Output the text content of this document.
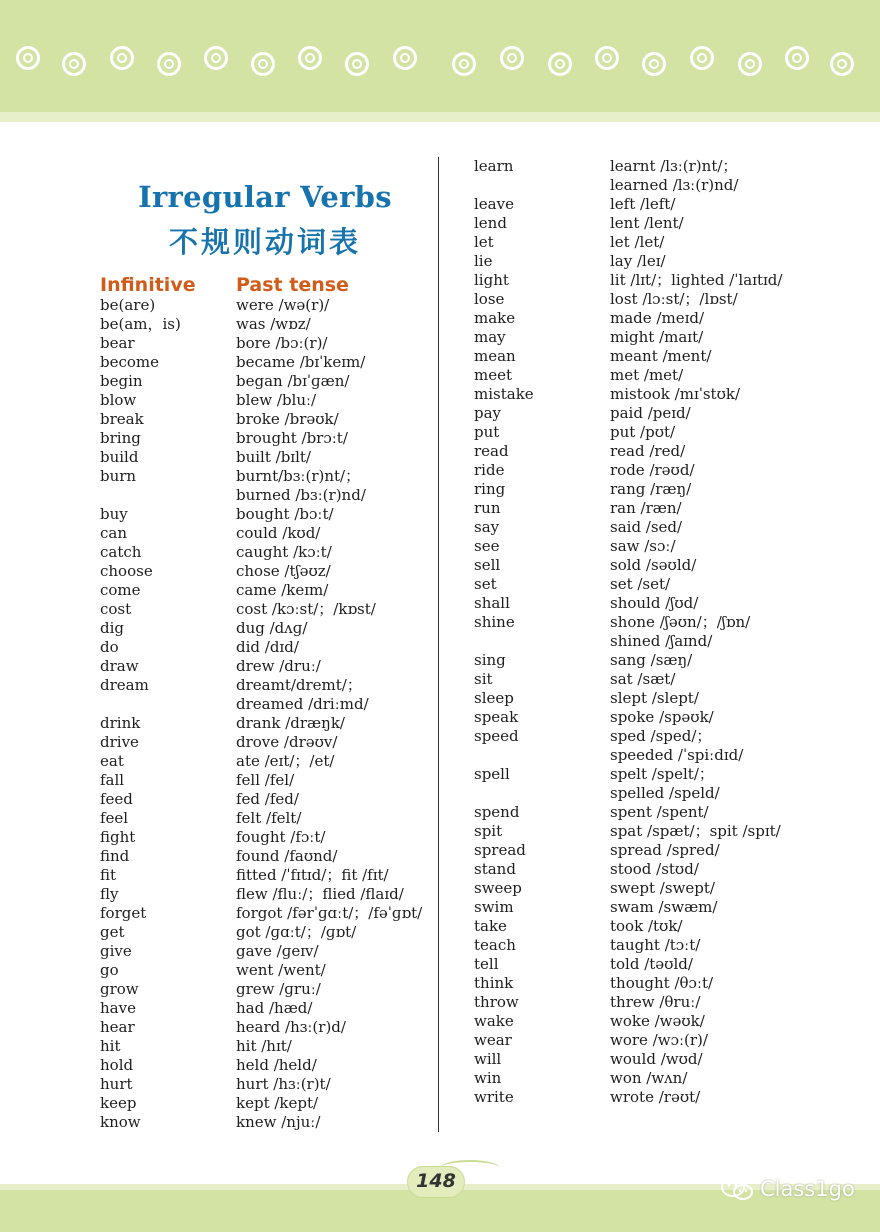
Irregular Verbs
不规则动词表
Infinitive Past tense
be(are)	were /wə(r)/
be(am，is)	was /wɒz/
bear	bore /bɔː(r)/
become	became /bɪˈkeɪm/
begin	began /bɪˈɡæn/
blow	blew /bluː/
break	broke /brəʊk/
bring	brought /brɔːt/
build	built /bɪlt/
burn	burnt/bɜː(r)nt/；
burned /bɜː(r)nd/
buy	bought /bɔːt/
can	could /kʊd/
catch	caught /kɔːt/
choose	chose /tʃəʊz/
come	came /keɪm/
cost	cost /kɔːst/；/kɒst/
dig	dug /dʌɡ/
do	did /dɪd/
draw	drew /druː/
dream	dreamt/dremt/；
dreamed /driːmd/
drink	drank /dræŋk/
drive	drove /drəʊv/
eat	ate /eɪt/；/et/
fall	fell /fel/
feed	fed /fed/
feel	felt /felt/
fight	fought /fɔːt/
find	found /faʊnd/
fit	fitted /ˈfɪtɪd/；fit /fɪt/
fly	flew /fluː/；flied /flaɪd/
forget	forgot /fərˈɡɑːt/；/fəˈɡɒt/
get	got /ɡɑːt/；/ɡɒt/
give	gave /ɡeɪv/
go	went /went/
grow	grew /ɡruː/
have	had /hæd/
hear	heard /hɜː(r)d/
hit	hit /hɪt/
hold	held /held/
hurt	hurt /hɜː(r)t/
keep	kept /kept/
know	knew /njuː/
learn	learnt /lɜː(r)nt/；
learned /lɜː(r)nd/
leave	left /left/
lend	lent /lent/
let	let /let/
lie	lay /leɪ/
light	lit /lɪt/；lighted /ˈlaɪtɪd/
lose	lost /lɔːst/；/lɒst/
make	made /meɪd/
may	might /maɪt/
mean	meant /ment/
meet	met /met/
mistake	mistook /mɪˈstʊk/
pay	paid /peɪd/
put	put /pʊt/
read	read /red/
ride	rode /rəʊd/
ring	rang /ræŋ/
run	ran /ræn/
say	said /sed/
see	saw /sɔː/
sell	sold /səʊld/
set	set /set/
shall	should /ʃʊd/
shine	shone /ʃəʊn/；/ʃɒn/
shined /ʃaɪnd/
sing	sang /sæŋ/
sit	sat /sæt/
sleep	slept /slept/
speak	spoke /spəʊk/
speed	sped /sped/；
speeded /ˈspiːdɪd/
spell	spelt /spelt/；
spelled /speld/
spend	spent /spent/
spit	spat /spæt/；spit /spɪt/
spread	spread /spred/
stand	stood /stʊd/
sweep	swept /swept/
swim	swam /swæm/
take	took /tʊk/
teach	taught /tɔːt/
tell	told /təʊld/
think	thought /θɔːt/
throw	threw /θruː/
wake	woke /wəʊk/
wear	wore /wɔː(r)/
will	would /wʊd/
win	won /wʌn/
write	wrote /rəʊt/
148	Class1go
